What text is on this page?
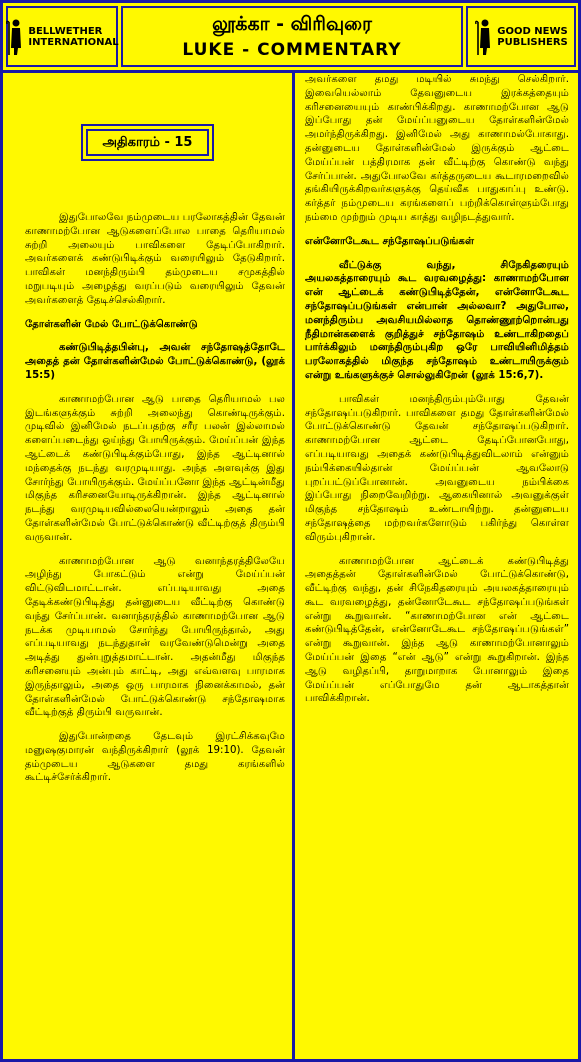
BELLWETHER
INTERNATIONAL
லூக்கா - விரிவுரை
LUKE - COMMENTARY
GOOD NEWS
PUBLISHERS
அதிகாரம் - 15

இதுபோலவே நம்முடைய பரலோகத்தின் தேவன் காணாமற்போன ஆடுகளைப்போல பாதை தெரியாமல் சுற்றி அலையும் பாவிகளை தேடிப்போகிறார். அவர்களைக் கண்டுபிடிக்கும் வரையிலும் தேடுகிறார். பாவிகள் மனந்திரும்பி தம்முடைய சமுகத்தில் மறுபடியும் அழைத்து வரப்படும் வரையிலும் தேவன் அவர்களைத் தேடிச்செல்கிறார்.

தோள்களின் மேல் போட்டுக்கொண்டு

கண்டுபிடித்தபின்பு, அவன் சந்தோஷத்தோடே அதைத் தன் தோள்களின்மேல் போட்டுக்கொண்டு, (லூக் 15:5)

காணாமற்போன ஆடு பாதை தெரியாமல் பல இடங்களுக்கும் சுற்றி அலைந்து கொண்டிருக்கும். முடிவில் இனிமேல் நடப்பதற்கு சரீர பலன் இல்லாமல் களைப்படைந்து ஒய்ந்து போயிருக்கும். மேய்ப்பன் இந்த ஆட்டைக் கண்டுபிடிக்கும்போது, இந்த ஆட்டினால் மந்தைக்கு நடந்து வரமுடியாது. அந்த அளவுக்கு இது சோர்ந்து போயிருக்கும். மேய்ப்பனோ இந்த ஆட்டின்மீது மிகுந்த கரிசனையோடிருக்கிறான். இந்த ஆட்டினால் நடந்து வரமுடியவில்லையென்றாலும் அதை தன் தோள்களின்மேல் போட்டுக்கொண்டு வீட்டிற்குத் திரும்பி வருவான்.

காணாமற்போன ஆடு வனாந்தரத்திலேயே அழிந்து போகட்டும் என்று மேய்ப்பன் விட்டுவிடமாட்டான். எப்படியாவது அதை தேடிக்கண்டுபிடித்து தன்னுடைய வீட்டிற்கு கொண்டு வந்து சேர்ப்பான். வனாந்தரத்தில் காணாமற்போன ஆடு நடக்க முடியாமல் சோர்ந்து போயிருந்தால், அது எப்படியாவது நடந்துதான் வரவேண்டுமென்று அதை அடித்து துன்புறுத்தமாட்டான். அதன்மீது மிகுந்த கரிசனையும் அன்பும் காட்டி, அது எவ்வளவு பாரமாக இருந்தாலும், அதை ஒரு பாரமாக நினைக்காமல், தன் தோள்களின்மேல் போட்டுக்கொண்டு சந்தோஷமாக வீட்டிற்குத் திரும்பி வருவான்.

இதுபோன்றதை தேடவும் இரட்சிக்கவுமே மனுஷகுமாரன் வந்திருக்கிறார் (லூக் 19:10). தேவன் தம்முடைய ஆடுகளை தமது கரங்களில் கூட்டிச்சேர்க்கிறார்.

அவர்களை தமது மடியில் சுமந்து செல்கிறார். இவையெல்லாம் தேவனுடைய இரக்கத்தையும் கரிசனையையும் காண்பிக்கிறது. காணாமற்போன ஆடு இப்போது தன் மேய்ப்பனுடைய தோள்களின்மேல் அமர்ந்திருக்கிறது. இனிமேல் அது காணாமல்போகாது. தன்னுடைய தோள்களின்மேல் இருக்கும் ஆட்டை மேய்ப்பன் பத்திரமாக தன் வீட்டிற்கு கொண்டு வந்து சேர்ப்பான். அதுபோலவே கர்த்தருடைய கூடாரமறைவில் தங்கியிருக்கிறவர்களுக்கு தெய்வீக பாதுகாப்பு உண்டு. கர்த்தர் நம்முடைய கரங்களைப் பற்றிக்கொள்ளும்போது நம்மை முற்றும் முடிய காத்து வழிநடத்துவார்.

என்னோடேகூட சந்தோஷப்படுங்கள்

வீட்டுக்கு வந்து, சிநேகிதரையும் அயலகத்தாரையும் கூட வரவழைத்து: காணாமற்போன என் ஆட்டைக் கண்டுபிடித்தேன், என்னோடேகூட சந்தோஷப்படுங்கள் என்பான் அல்லவா? அதுபோல, மனந்திரும்ப அவசியமில்லாத தொண்ணூற்றொன்பது நீதிமான்களைக் குறித்துச் சந்தோஷம் உண்டாகிறதைப் பார்க்கிலும் மனந்திரும்புகிற ஒரே பாவியினிமித்தம் பரலோகத்தில் மிகுந்த சந்தோஷம் உண்டாயிருக்கும் என்று உங்களுக்குச் சொல்லுகிறேன் (லூக் 15:6,7).

பாவிகள் மனந்திரும்பும்போது தேவன் சந்தோஷப்படுகிறார். பாவிகளை தமது தோள்களின்மேல் போட்டுக்கொண்டு தேவன் சந்தோஷப்படுகிறார். காணாமற்போன ஆட்டை தேடிப்போனபோது, எப்படியாவது அதைக் கண்டுபிடித்துவிடலாம் என்னும் நம்பிக்கையில்தான் மேய்ப்பன் ஆவலோடு புறப்பட்டுப்போனான். அவனுடைய நம்பிக்கை இப்போது நிறைவேறிற்று. ஆகையினால் அவனுக்குள் மிகுந்த சந்தோஷம் உண்டாயிற்று. தன்னுடைய சந்தோஷத்தை மற்றவர்களோடும் பகிர்ந்து கொள்ள விரும்புகிறான்.

காணாமற்போன ஆட்டைக் கண்டுபிடித்து அதைத்தன் தோள்களின்மேல் போட்டுக்கொண்டு, வீட்டிற்கு வந்து, தன் சிநேகிதரையும் அயலகத்தாரையும் கூட வரவழைத்து, தன்னோடேகூட சந்தோஷப்படுங்கள் என்று கூறுவான். “காணாமற்போன என் ஆட்டை கண்டுபிடித்தேன், என்னோடேகூட சந்தோஷப்படுங்கள்” என்று கூறுவான். இந்த ஆடு காணாமற்போனாலும் மேய்ப்பன் இதை “என் ஆடு” என்று கூறுகிறான். இந்த ஆடு வழிதப்பி, தாறுமாறாக போனாலும் இதை மேய்ப்பன் எப்போதுமே தன் ஆடாகத்தான் பாவிக்கிறான்.
